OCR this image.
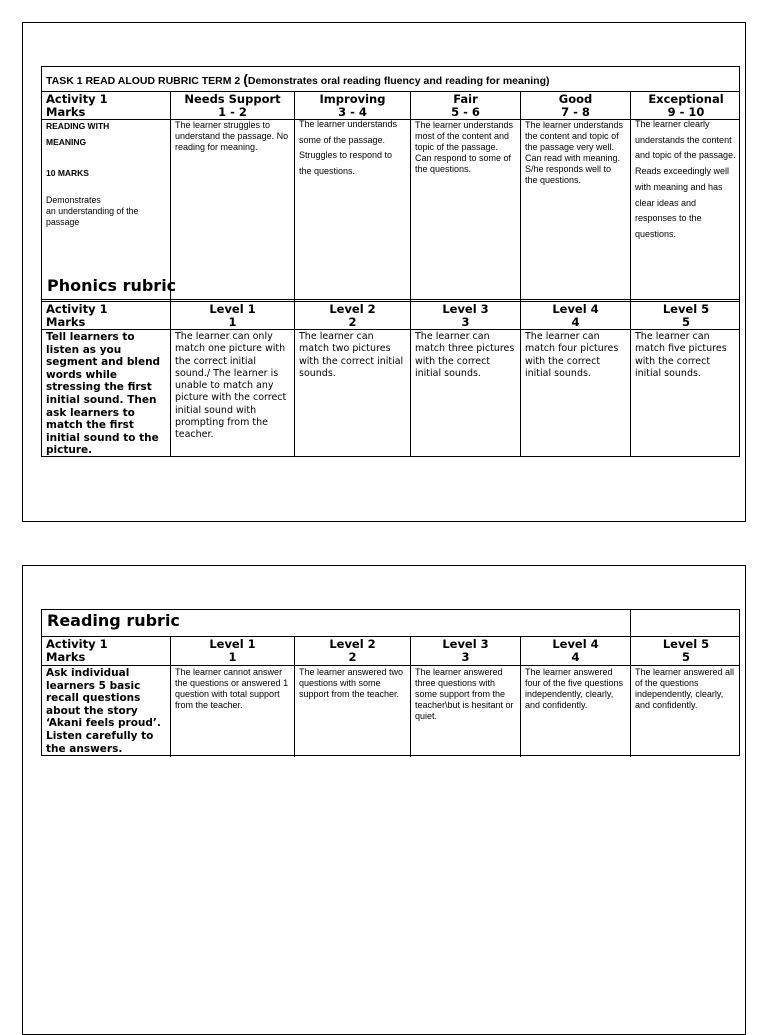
TASK 1 READ ALOUD RUBRIC TERM 2 (Demonstrates oral reading fluency and reading for meaning)
Activity 1
Marks
Needs Support
1 - 2
Improving
3 - 4
Fair
5 - 6
Good
7 - 8
Exceptional
9 - 10
READING WITH
MEANING
10 MARKS
Demonstrates
an understanding of the
passage
The learner struggles to understand the passage. No reading for meaning.
The learner understands some of the passage. Struggles to respond to the questions.
The learner understands most of the content and topic of the passage. Can respond to some of the questions.
The learner understands the content and topic of the passage very well. Can read with meaning. S/he responds well to the questions.
The learner clearly understands the content and topic of the passage. Reads exceedingly well with meaning and has clear ideas and responses to the questions.
Phonics rubric
Activity 1
Marks
Level 1
1
Level 2
2
Level 3
3
Level 4
4
Level 5
5
Tell learners to listen as you segment and blend words while stressing the first initial sound. Then ask learners to match the first initial sound to the picture.
The learner can only match one picture with the correct initial sound./ The learner is unable to match any picture with the correct initial sound with prompting from the teacher.
The learner can match two pictures with the correct initial sounds.
The learner can match three pictures with the correct initial sounds.
The learner can match four pictures with the correct initial sounds.
The learner can match five pictures with the correct initial sounds.
Reading rubric
Activity 1
Marks
Level 1
1
Level 2
2
Level 3
3
Level 4
4
Level 5
5
Ask individual learners 5 basic recall questions about the story ‘Akani feels proud’. Listen carefully to the answers.
The learner cannot answer the questions or answered 1 question with total support from the teacher.
The learner answered two questions with some support from the teacher.
The learner answered three questions with some support from the teacher\but is hesitant or quiet.
The learner answered four of the five questions independently, clearly, and confidently.
The learner answered all of the questions independently, clearly, and confidently.
